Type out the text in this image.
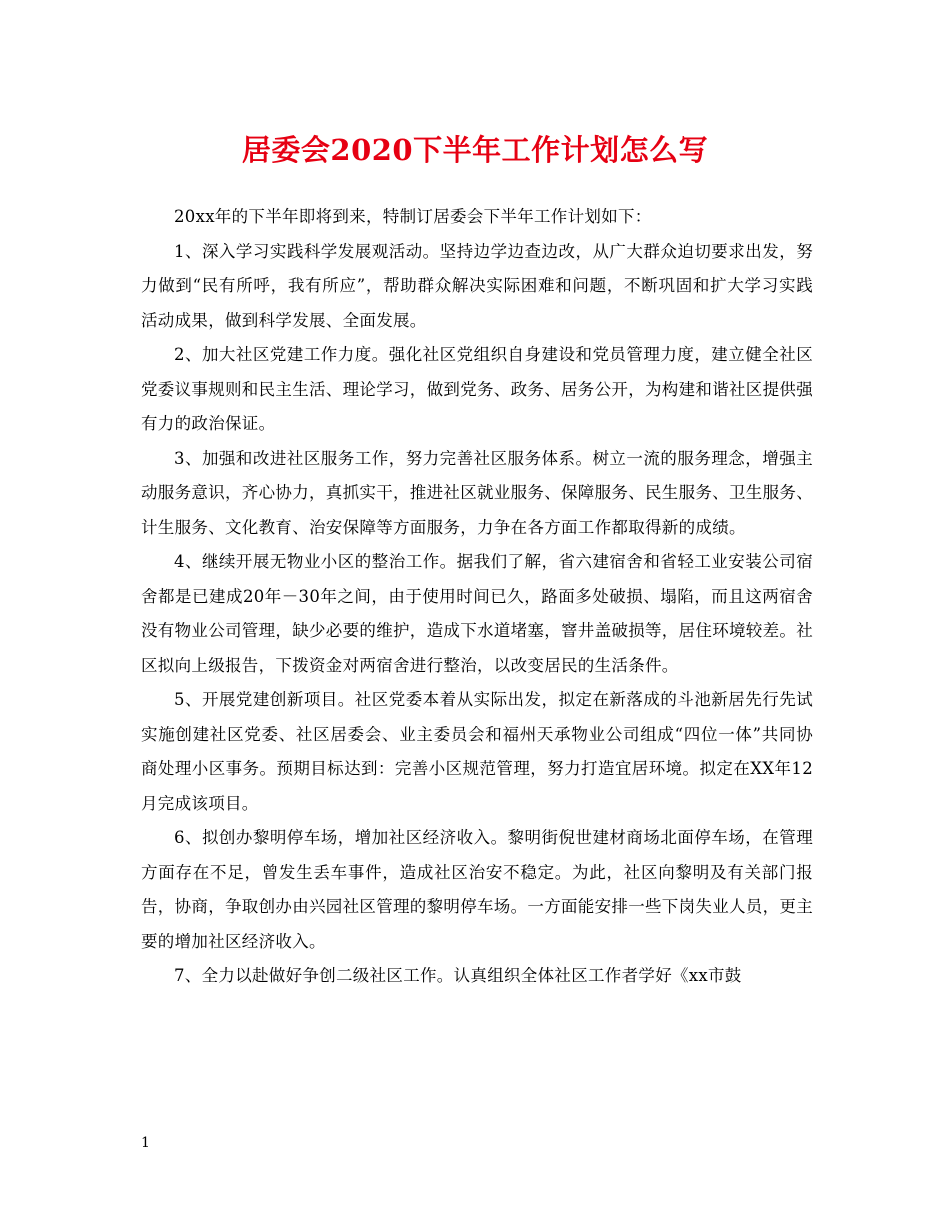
居委会2020下半年工作计划怎么写

20xx年的下半年即将到来，特制订居委会下半年工作计划如下：

1、深入学习实践科学发展观活动。坚持边学边查边改，从广大群众迫切要求出发，努力做到“民有所呼，我有所应”，帮助群众解决实际困难和问题，不断巩固和扩大学习实践活动成果，做到科学发展、全面发展。

2、加大社区党建工作力度。强化社区党组织自身建设和党员管理力度，建立健全社区党委议事规则和民主生活、理论学习，做到党务、政务、居务公开，为构建和谐社区提供强有力的政治保证。

3、加强和改进社区服务工作，努力完善社区服务体系。树立一流的服务理念，增强主动服务意识，齐心协力，真抓实干，推进社区就业服务、保障服务、民生服务、卫生服务、计生服务、文化教育、治安保障等方面服务，力争在各方面工作都取得新的成绩。

4、继续开展无物业小区的整治工作。据我们了解，省六建宿舍和省轻工业安装公司宿舍都是已建成20年－30年之间，由于使用时间已久，路面多处破损、塌陷，而且这两宿舍没有物业公司管理，缺少必要的维护，造成下水道堵塞，窨井盖破损等，居住环境较差。社区拟向上级报告，下拨资金对两宿舍进行整治，以改变居民的生活条件。

5、开展党建创新项目。社区党委本着从实际出发，拟定在新落成的斗池新居先行先试实施创建社区党委、社区居委会、业主委员会和福州天承物业公司组成“四位一体”共同协商处理小区事务。预期目标达到：完善小区规范管理，努力打造宜居环境。拟定在XX年12月完成该项目。

6、拟创办黎明停车场，增加社区经济收入。黎明街倪世建材商场北面停车场，在管理方面存在不足，曾发生丢车事件，造成社区治安不稳定。为此，社区向黎明及有关部门报告，协商，争取创办由兴园社区管理的黎明停车场。一方面能安排一些下岗失业人员，更主要的增加社区经济收入。

7、全力以赴做好争创二级社区工作。认真组织全体社区工作者学好《xx市鼓

1
